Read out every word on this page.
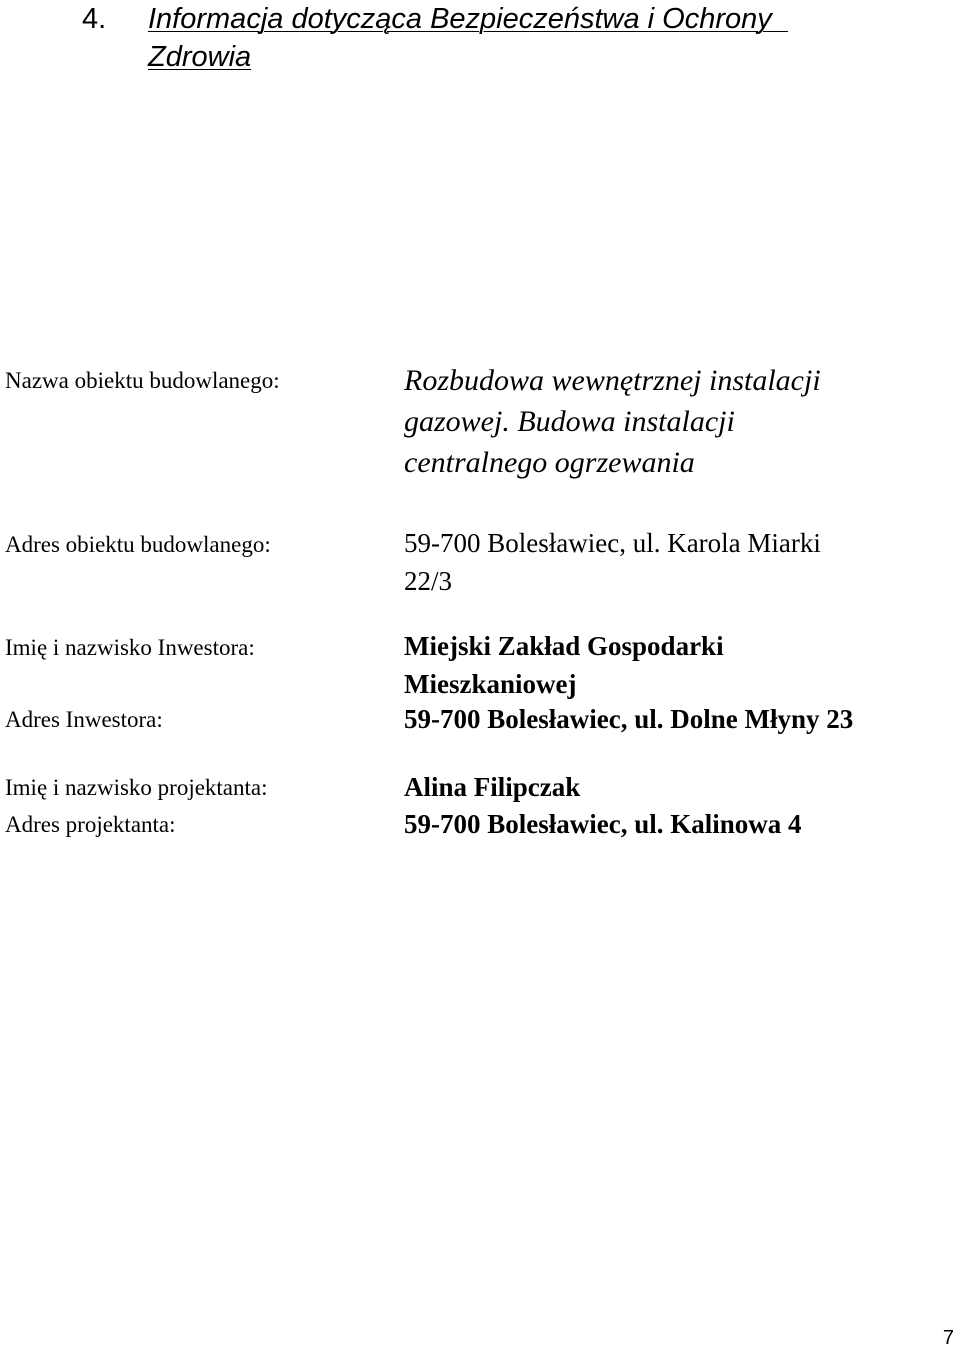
4. Informacja dotycząca Bezpieczeństwa i Ochrony
Zdrowia
Nazwa obiektu budowlanego:	Rozbudowa wewnętrznej instalacji
gazowej. Budowa instalacji
centralnego ogrzewania
Adres obiektu budowlanego:	59-700 Bolesławiec, ul. Karola Miarki
22/3
Imię i nazwisko Inwestora:	Miejski Zakład Gospodarki
Mieszkaniowej
Adres Inwestora:	59-700 Bolesławiec, ul. Dolne Młyny 23
Imię i nazwisko projektanta:	Alina Filipczak
Adres projektanta:	59-700 Bolesławiec, ul. Kalinowa 4
7
